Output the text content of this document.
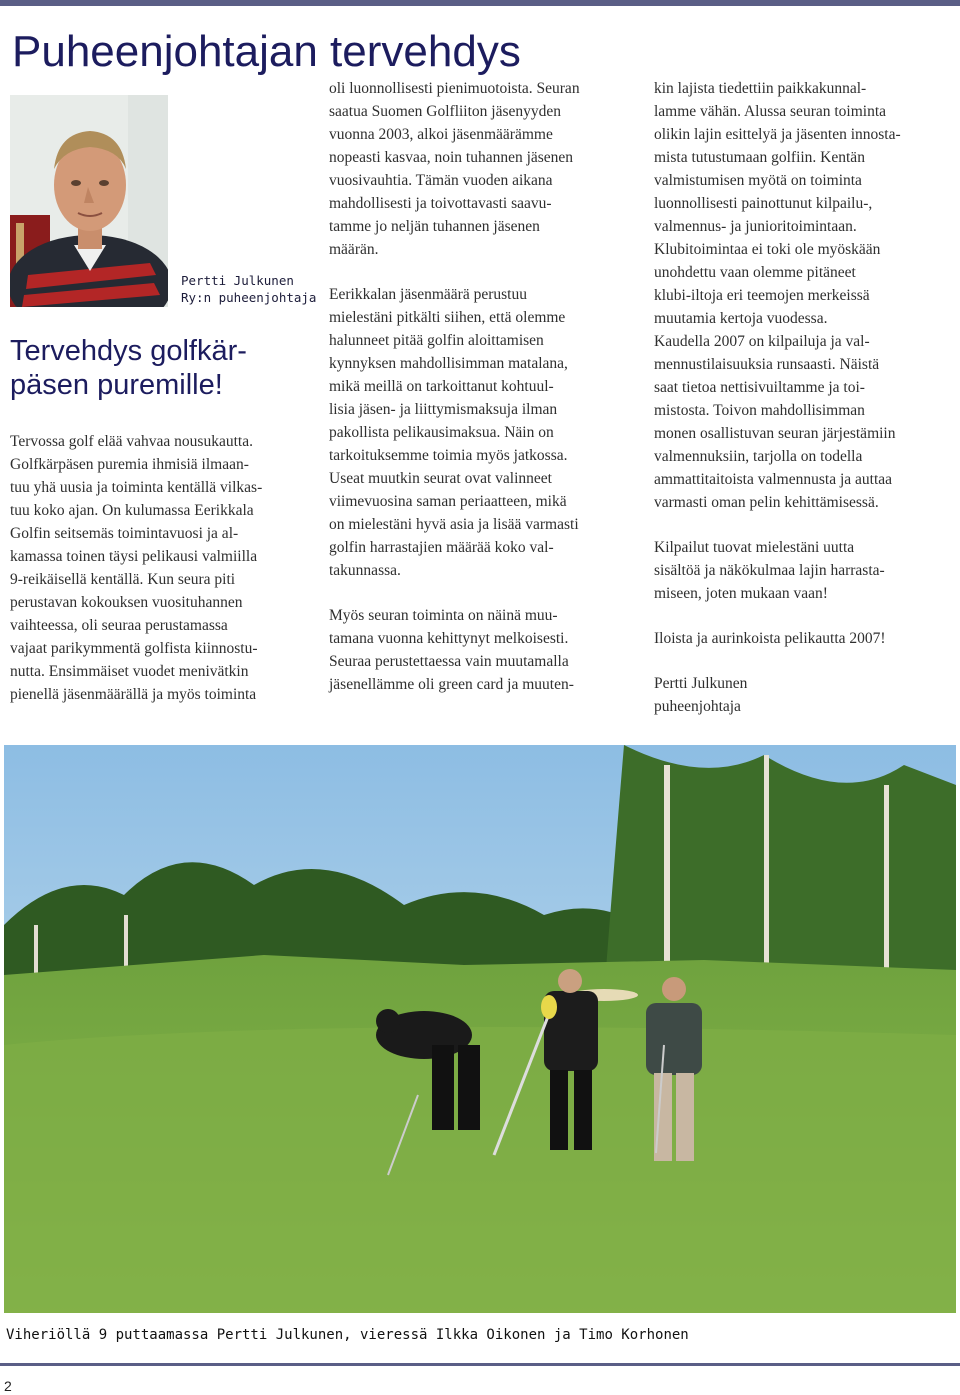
Puheenjohtajan tervehdys
Pertti Julkunen
Ry:n puheenjohtaja
Tervehdys golfkär-
päsen puremille!

Tervossa golf elää vahvaa nousukautta.
Golfkärpäsen puremia ihmisiä ilmaan-
tuu yhä uusia ja toiminta kentällä vilkas-
tuu koko ajan. On kulumassa Eerikkala
Golfin seitsemäs toimintavuosi ja al-
kamassa toinen täysi pelikausi valmiilla
9-reikäisellä kentällä. Kun seura piti
perustavan kokouksen vuosituhannen
vaihteessa, oli seuraa perustamassa
vajaat parikymmentä golfista kiinnostu-
nutta. Ensimmäiset vuodet menivätkin
pienellä jäsenmäärällä ja myös toiminta

oli luonnollisesti pienimuotoista. Seuran
saatua Suomen Golfliiton jäsenyyden
vuonna 2003, alkoi jäsenmäärämme
nopeasti kasvaa, noin tuhannen jäsenen
vuosivauhtia. Tämän vuoden aikana
mahdollisesti ja toivottavasti saavu-
tamme jo neljän tuhannen jäsenen
määrän.

Eerikkalan jäsenmäärä perustuu
mielestäni pitkälti siihen, että olemme
halunneet pitää golfin aloittamisen
kynnyksen mahdollisimman matalana,
mikä meillä on tarkoittanut kohtuul-
lisia jäsen- ja liittymismaksuja ilman
pakollista pelikausimaksua. Näin on
tarkoituksemme toimia myös jatkossa.
Useat muutkin seurat ovat valinneet
viimevuosina saman periaatteen, mikä
on mielestäni hyvä asia ja lisää varmasti
golfin harrastajien määrää koko val-
takunnassa.

Myös seuran toiminta on näinä muu-
tamana vuonna kehittynyt melkoisesti.
Seuraa perustettaessa vain muutamalla
jäsenellämme oli green card ja muuten-

kin lajista tiedettiin paikkakunnal-
lamme vähän. Alussa seuran toiminta
olikin lajin esittelyä ja jäsenten innosta-
mista tutustumaan golfiin. Kentän
valmistumisen myötä on toiminta
luonnollisesti painottunut kilpailu-,
valmennus- ja junioritoimintaan.
Klubitoimintaa ei toki ole myöskään
unohdettu vaan olemme pitäneet
klubi-iltoja eri teemojen merkeissä
muutamia kertoja vuodessa.
Kaudella 2007 on kilpailuja ja val-
mennustilaisuuksia runsaasti. Näistä
saat tietoa nettisivuiltamme ja toi-
mistosta. Toivon mahdollisimman
monen osallistuvan seuran järjestämiin
valmennuksiin, tarjolla on todella
ammattitaitoista valmennusta ja auttaa
varmasti oman pelin kehittämisessä.

Kilpailut tuovat mielestäni uutta
sisältöä ja näkökulmaa lajin harrasta-
miseen, joten mukaan vaan!

Iloista ja aurinkoista pelikautta 2007!

Pertti Julkunen
puheenjohtaja

Viheriöllä 9 puttaamassa Pertti Julkunen, vieressä Ilkka Oikonen ja Timo Korhonen
2
